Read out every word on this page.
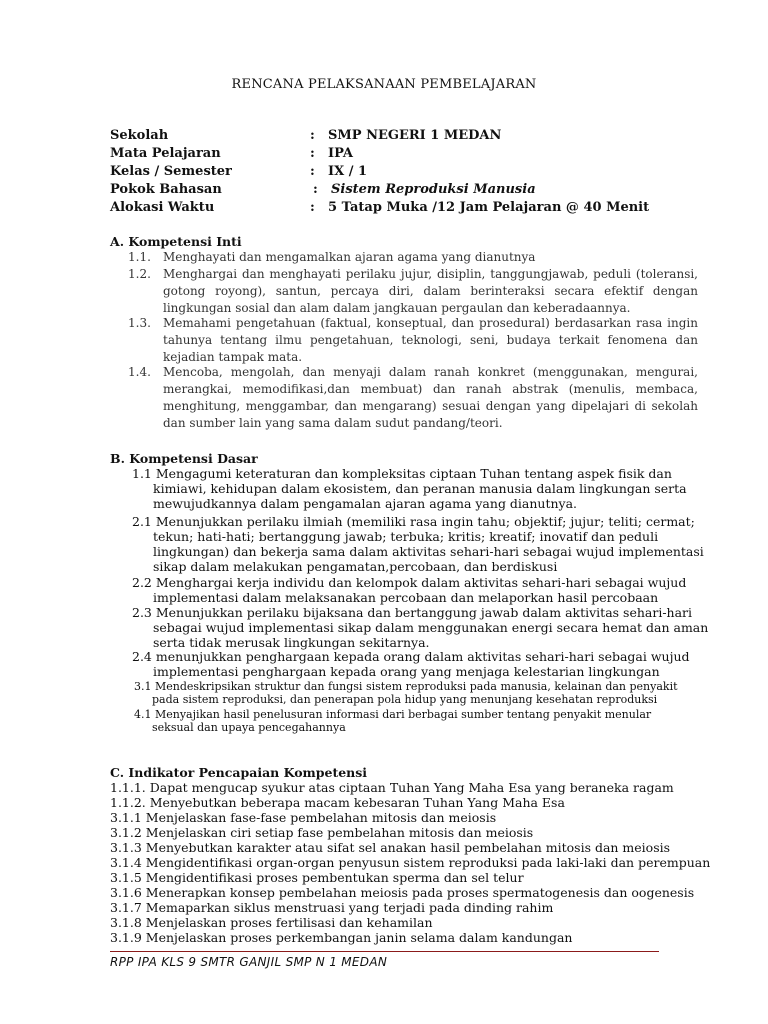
RENCANA PELAKSANAAN PEMBELAJARAN
Sekolah	: SMP NEGERI 1 MEDAN
Mata Pelajaran	: IPA
Kelas / Semester	: IX / 1
Pokok Bahasan	: Sistem Reproduksi Manusia
Alokasi Waktu	: 5 Tatap Muka /12 Jam Pelajaran @ 40 Menit
A. Kompetensi Inti
1.1. Menghayati dan mengamalkan ajaran agama yang dianutnya
1.2. Menghargai dan menghayati perilaku jujur, disiplin, tanggungjawab, peduli (toleransi, gotong royong), santun, percaya diri, dalam berinteraksi secara efektif dengan lingkungan sosial dan alam dalam jangkauan pergaulan dan keberadaannya.
1.3. Memahami pengetahuan (faktual, konseptual, dan prosedural) berdasarkan rasa ingin tahunya tentang ilmu pengetahuan, teknologi, seni, budaya terkait fenomena dan kejadian tampak mata.
1.4. Mencoba, mengolah, dan menyaji dalam ranah konkret (menggunakan, mengurai, merangkai, memodifikasi,dan membuat) dan ranah abstrak (menulis, membaca, menghitung, menggambar, dan mengarang) sesuai dengan yang dipelajari di sekolah dan sumber lain yang sama dalam sudut pandang/teori.
B. Kompetensi Dasar
1.1 Mengagumi keteraturan dan kompleksitas ciptaan Tuhan tentang aspek fisik dan
kimiawi, kehidupan dalam ekosistem, dan peranan manusia dalam lingkungan serta
mewujudkannya dalam pengamalan ajaran agama yang dianutnya.
2.1 Menunjukkan perilaku ilmiah (memiliki rasa ingin tahu; objektif; jujur; teliti; cermat;
tekun; hati-hati; bertanggung jawab; terbuka; kritis; kreatif; inovatif dan peduli
lingkungan) dan bekerja sama dalam aktivitas sehari-hari sebagai wujud implementasi
sikap dalam melakukan pengamatan,percobaan, dan berdiskusi
2.2 Menghargai kerja individu dan kelompok dalam aktivitas sehari-hari sebagai wujud
implementasi dalam melaksanakan percobaan dan melaporkan hasil percobaan
2.3 Menunjukkan perilaku bijaksana dan bertanggung jawab dalam aktivitas sehari-hari
sebagai wujud implementasi sikap dalam menggunakan energi secara hemat dan aman
serta tidak merusak lingkungan sekitarnya.
2.4 menunjukkan penghargaan kepada orang dalam aktivitas sehari-hari sebagai wujud
implementasi penghargaan kepada orang yang menjaga kelestarian lingkungan
3.1 Mendeskripsikan struktur dan fungsi sistem reproduksi pada manusia, kelainan dan penyakit
pada sistem reproduksi, dan penerapan pola hidup yang menunjang kesehatan reproduksi
4.1 Menyajikan hasil penelusuran informasi dari berbagai sumber tentang penyakit menular
seksual dan upaya pencegahannya
C. Indikator Pencapaian Kompetensi
1.1.1. Dapat mengucap syukur atas ciptaan Tuhan Yang Maha Esa yang beraneka ragam
1.1.2. Menyebutkan beberapa macam kebesaran Tuhan Yang Maha Esa
3.1.1 Menjelaskan fase-fase pembelahan mitosis dan meiosis
3.1.2 Menjelaskan ciri setiap fase pembelahan mitosis dan meiosis
3.1.3 Menyebutkan karakter atau sifat sel anakan hasil pembelahan mitosis dan meiosis
3.1.4 Mengidentifikasi organ-organ penyusun sistem reproduksi pada laki-laki dan perempuan
3.1.5 Mengidentifikasi proses pembentukan sperma dan sel telur
3.1.6 Menerapkan konsep pembelahan meiosis pada proses spermatogenesis dan oogenesis
3.1.7 Memaparkan siklus menstruasi yang terjadi pada dinding rahim
3.1.8 Menjelaskan proses fertilisasi dan kehamilan
3.1.9 Menjelaskan proses perkembangan janin selama dalam kandungan
RPP IPA KLS 9 SMTR GANJIL SMP N 1 MEDAN
